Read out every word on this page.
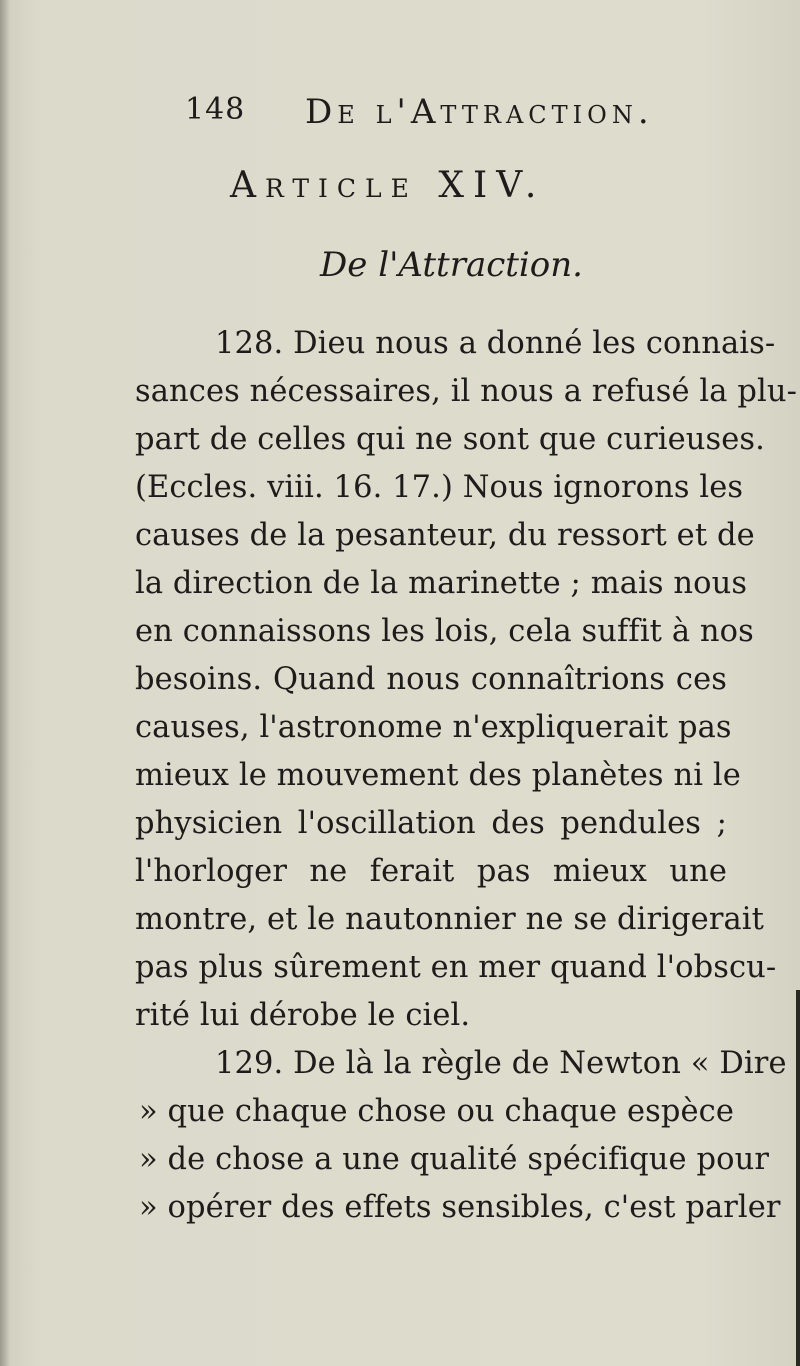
148 De l'Attraction.
Article XIV.
De l'Attraction.
128. Dieu nous a donné les connais-
sances nécessaires, il nous a refusé la plu-
part de celles qui ne sont que curieuses.
(Eccles. viii. 16. 17.) Nous ignorons les
causes de la pesanteur, du ressort et de
la direction de la marinette ; mais nous
en connaissons les lois, cela suffit à nos
besoins. Quand nous connaîtrions ces
causes, l'astronome n'expliquerait pas
mieux le mouvement des planètes ni le
physicien l'oscillation des pendules ;
l'horloger ne ferait pas mieux une
montre, et le nautonnier ne se dirigerait
pas plus sûrement en mer quand l'obscu-
rité lui dérobe le ciel.
129. De là la règle de Newton « Dire
» que chaque chose ou chaque espèce
» de chose a une qualité spécifique pour
» opérer des effets sensibles, c'est parler
